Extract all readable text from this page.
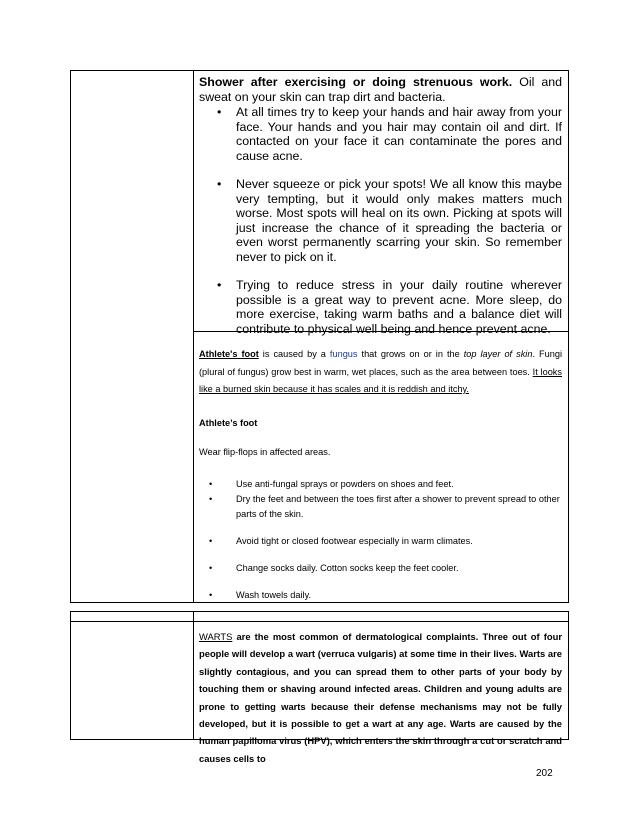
Shower after exercising or doing strenuous work. Oil and sweat on your skin can trap dirt and bacteria.

• At all times try to keep your hands and hair away from your face. Your hands and you hair may contain oil and dirt. If contacted on your face it can contaminate the pores and cause acne.
• Never squeeze or pick your spots! We all know this maybe very tempting, but it would only makes matters much worse. Most spots will heal on its own. Picking at spots will just increase the chance of it spreading the bacteria or even worst permanently scarring your skin. So remember never to pick on it.
• Trying to reduce stress in your daily routine wherever possible is a great way to prevent acne. More sleep, do more exercise, taking warm baths and a balance diet will contribute to physical well being and hence prevent acne.

Athlete's foot is caused by a fungus that grows on or in the top layer of skin. Fungi (plural of fungus) grow best in warm, wet places, such as the area between toes. It looks like a burned skin because it has scales and it is reddish and itchy.

Athlete’s foot

Wear flip-flops in affected areas.

•	Use anti-fungal sprays or powders on shoes and feet.
•	Dry the feet and between the toes first after a shower to prevent spread to other parts of the skin.
•	Avoid tight or closed footwear especially in warm climates.
•	Change socks daily. Cotton socks keep the feet cooler.
•	Wash towels daily.

WARTS are the most common of dermatological complaints. Three out of four people will develop a wart (verruca vulgaris) at some time in their lives. Warts are slightly contagious, and you can spread them to other parts of your body by touching them or shaving around infected areas. Children and young adults are prone to getting warts because their defense mechanisms may not be fully developed, but it is possible to get a wart at any age. Warts are caused by the human papilloma virus (HPV), which enters the skin through a cut or scratch and causes cells to

202
